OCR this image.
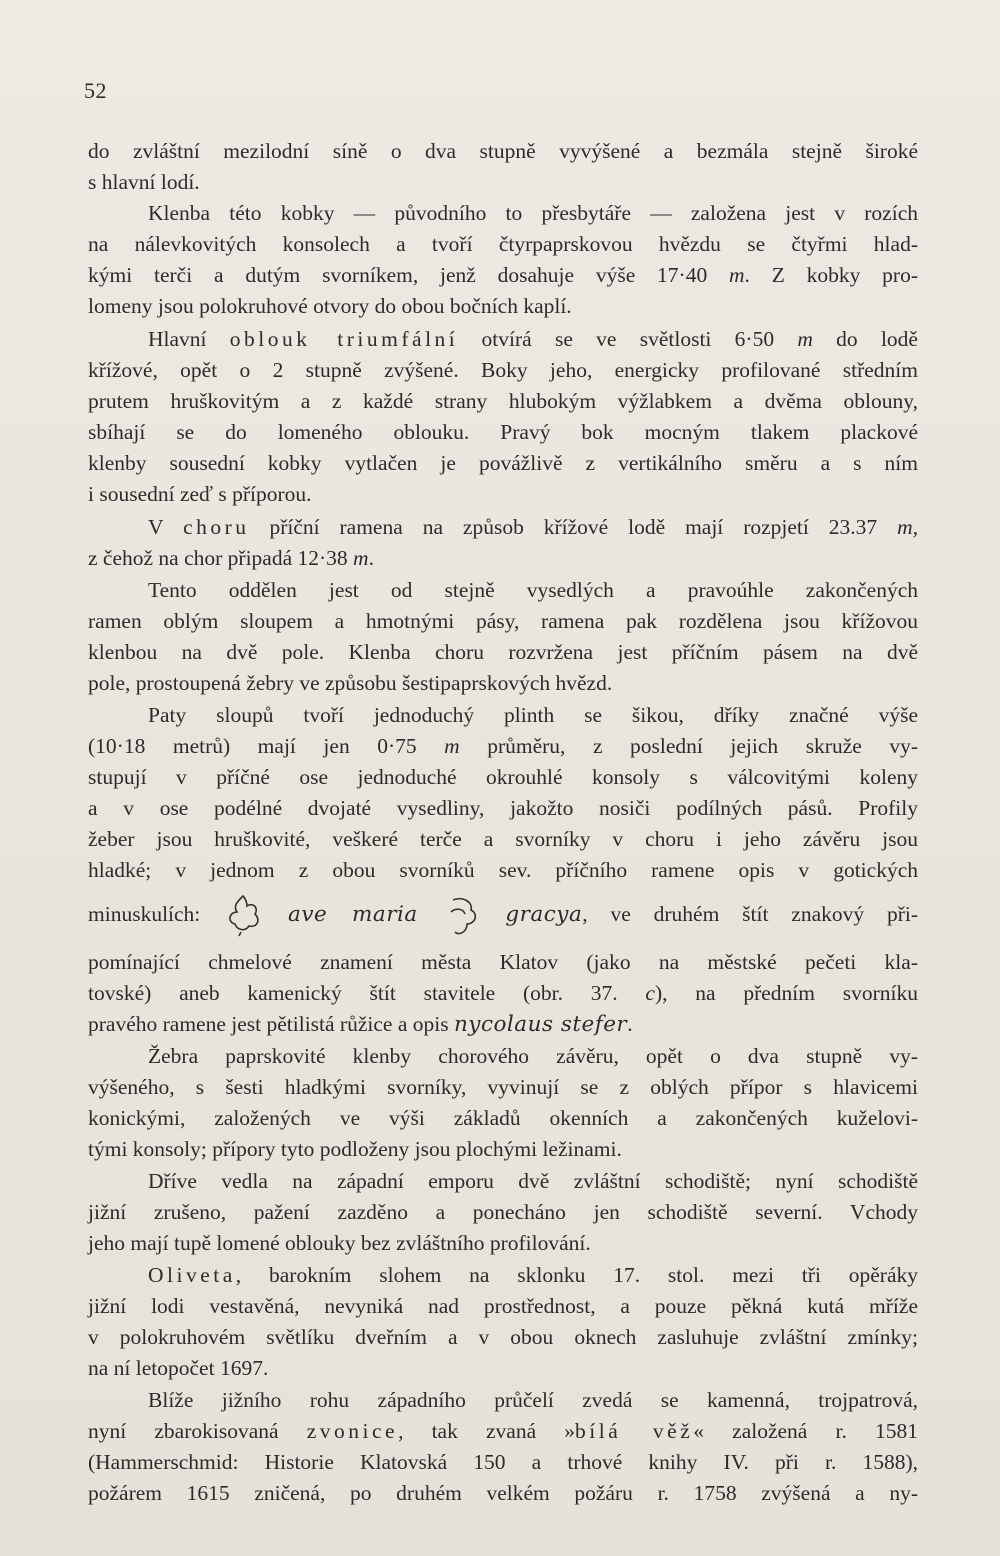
52
do zvláštní mezilodní síně o dva stupně vyvýšené a bezmála stejně široké
s hlavní lodí.
Klenba této kobky — původního to přesbytáře — založena jest v rozích
na nálevkovitých konsolech a tvoří čtyrpaprskovou hvězdu se čtyřmi hlad-
kými terči a dutým svorníkem, jenž dosahuje výše 17·40 m. Z kobky pro-
lomeny jsou polokruhové otvory do obou bočních kaplí.
Hlavní oblouk triumfální otvírá se ve světlosti 6·50 m do lodě
křížové, opět o 2 stupně zvýšené. Boky jeho, energicky profilované středním
prutem hruškovitým a z každé strany hlubokým výžlabkem a dvěma oblouny,
sbíhají se do lomeného oblouku. Pravý bok mocným tlakem plackové
klenby sousední kobky vytlačen je povážlivě z vertikálního směru a s ním
i sousední zeď s příporou.
V choru příční ramena na způsob křížové lodě mají rozpjetí 23.37 m,
z čehož na chor připadá 12·38 m.
Tento oddělen jest od stejně vysedlých a pravoúhle zakončených
ramen oblým sloupem a hmotnými pásy, ramena pak rozdělena jsou křížovou
klenbou na dvě pole. Klenba choru rozvržena jest příčním pásem na dvě
pole, prostoupená žebry ve způsobu šestipaprskových hvězd.
Paty sloupů tvoří jednoduchý plinth se šikou, dříky značné výše
(10·18 metrů) mají jen 0·75 m průměru, z poslední jejich skruže vy-
stupují v příčné ose jednoduché okrouhlé konsoly s válcovitými koleny
a v ose podélné dvojaté vysedliny, jakožto nosiči podílných pásů. Profily
žeber jsou hruškovité, veškeré terče a svorníky v choru i jeho závěru jsou
hladké; v jednom z obou svorníků sev. příčního ramene opis v gotických
minuskulích:	ave maria	gracya, ve druhém štít znakový při-
pomínající chmelové znamení města Klatov (jako na městské pečeti kla-
tovské) aneb kamenický štít stavitele (obr. 37. c), na předním svorníku
pravého ramene jest pětilistá růžice a opis nycolaus stefer.
Žebra paprskovité klenby chorového závěru, opět o dva stupně vy-
výšeného, s šesti hladkými svorníky, vyvinují se z oblých přípor s hlavicemi
konickými, založených ve výši základů okenních a zakončených kuželovi-
tými konsoly; přípory tyto podloženy jsou plochými ležinami.
Dříve vedla na západní emporu dvě zvláštní schodiště; nyní schodiště
jižní zrušeno, pažení zazděno a ponecháno jen schodiště severní. Vchody
jeho mají tupě lomené oblouky bez zvláštního profilování.
Oliveta, barokním slohem na sklonku 17. stol. mezi tři opěráky
jižní lodi vestavěná, nevyniká nad prostřednost, a pouze pěkná kutá mříže
v polokruhovém světlíku dveřním a v obou oknech zasluhuje zvláštní zmínky;
na ní letopočet 1697.
Blíže jižního rohu západního průčelí zvedá se kamenná, trojpatrová,
nyní zbarokisovaná zvonice, tak zvaná »bílá věž« založená r. 1581
(Hammerschmid: Historie Klatovská 150 a trhové knihy IV. při r. 1588),
požárem 1615 zničená, po druhém velkém požáru r. 1758 zvýšená a ny-
